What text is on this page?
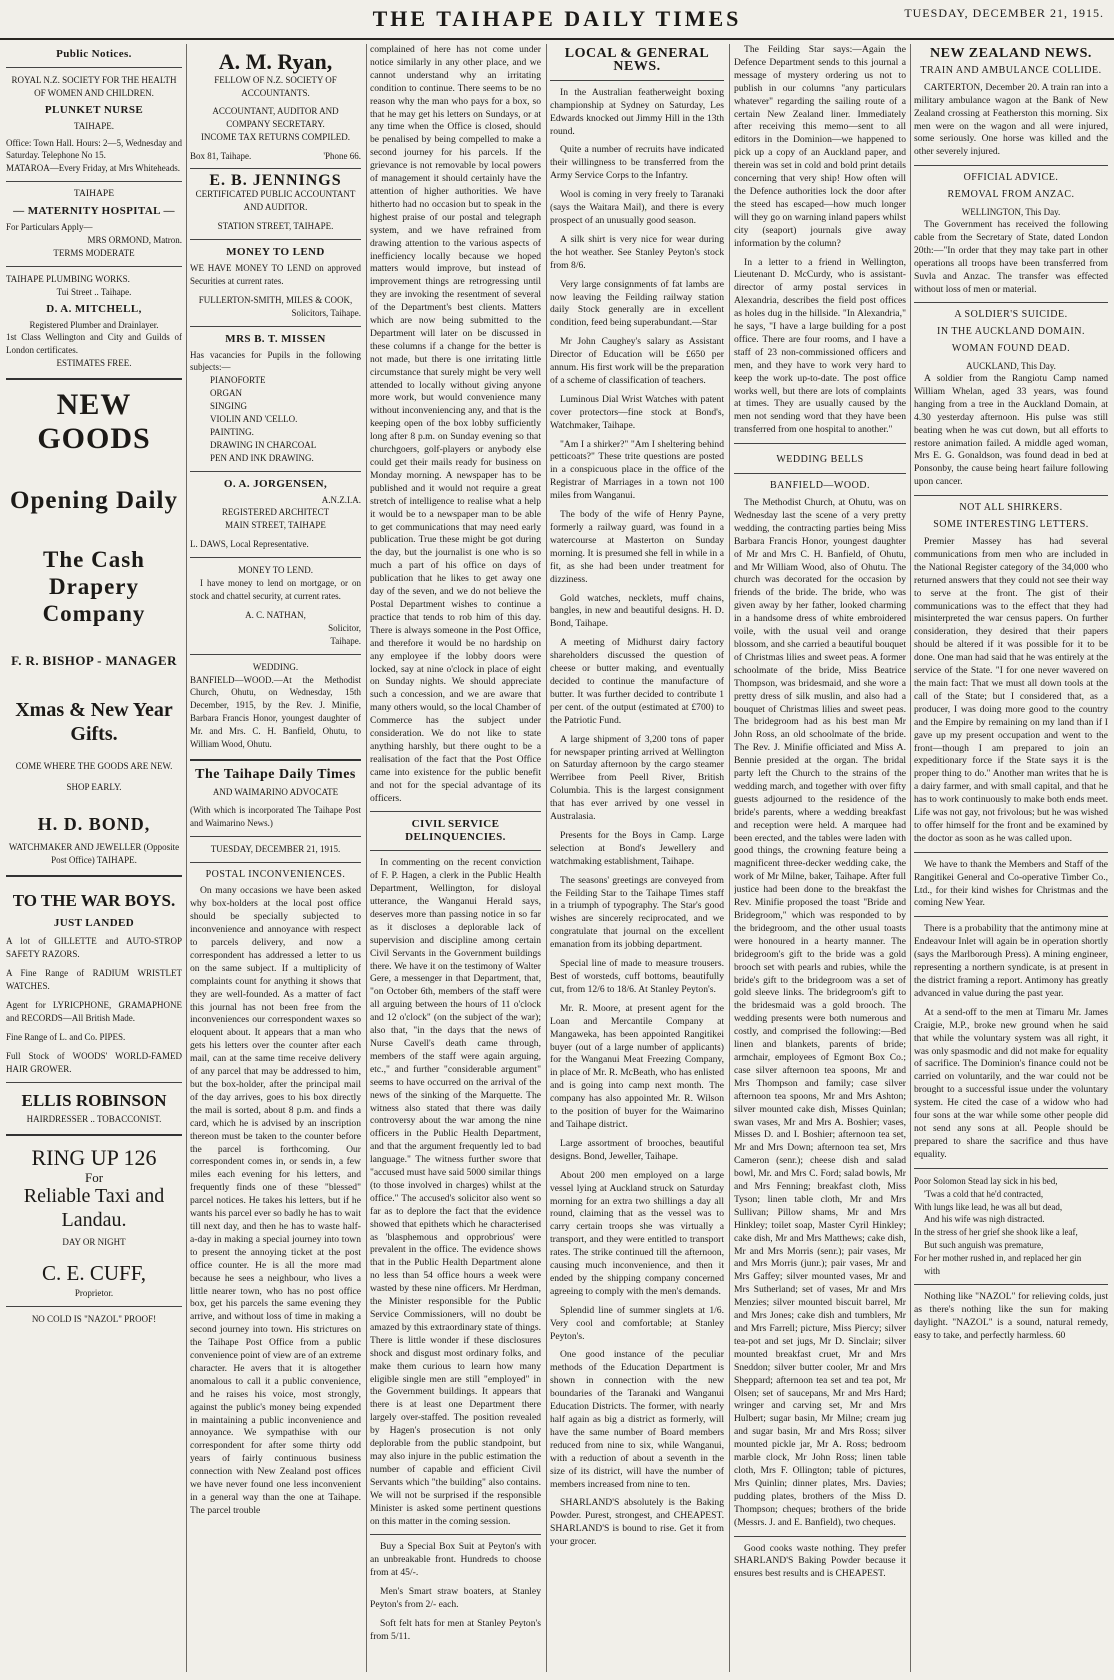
THE TAIHAPE DAILY TIMES	TUESDAY, DECEMBER 21, 1915.
Public Notices.
ROYAL N.Z. SOCIETY FOR THE HEALTH OF WOMEN AND CHILDREN.
PLUNKET NURSE
TAIHAPE.
Office: Town Hall. Hours: 2—5, Wednesday and Saturday. Telephone No 15.
MATAROA—Every Friday, at Mrs Whiteheads.
TAIHAPE
— MATERNITY HOSPITAL —
For Particulars Apply—
MRS ORMOND, Matron.
TERMS MODERATE
TAIHAPE PLUMBING WORKS.
Tui Street .. Taihape.
D. A. MITCHELL,
Registered Plumber and Drainlayer.
1st Class Wellington and City and Guilds of London certificates.
ESTIMATES FREE.
NEW
GOODS
Opening Daily
The Cash Drapery Company
F. R. BISHOP - MANAGER
Xmas & New Year Gifts.
COME WHERE THE GOODS ARE NEW.
SHOP EARLY.
H. D. BOND,
WATCHMAKER AND JEWELLER (Opposite Post Office) TAIHAPE.
TO THE WAR BOYS.
JUST LANDED
A lot of GILLETTE and AUTO-STROP SAFETY RAZORS.
A Fine Range of RADIUM WRISTLET WATCHES.
Agent for LYRICPHONE, GRAMAPHONE and RECORDS—All British Made.
Fine Range of L. and Co. PIPES.
Full Stock of WOODS' WORLD-FAMED HAIR GROWER.
ELLIS ROBINSON
HAIRDRESSER .. TOBACCONIST.
RING UP 126
For
Reliable Taxi and Landau.
DAY OR NIGHT
C. E. CUFF,
Proprietor.
NO COLD IS "NAZOL" PROOF!
A. M. Ryan,
FELLOW OF N.Z. SOCIETY OF ACCOUNTANTS.
ACCOUNTANT, AUDITOR AND COMPANY SECRETARY.
INCOME TAX RETURNS COMPILED.
Box 81, Taihape.	'Phone 66.
E. B. JENNINGS
CERTIFICATED PUBLIC ACCOUNTANT AND AUDITOR.
STATION STREET, TAIHAPE.
MONEY TO LEND
WE HAVE MONEY TO LEND on approved Securities at current rates.
FULLERTON-SMITH, MILES & COOK,
Solicitors, Taihape.
MRS B. T. MISSEN
Has vacancies for Pupils in the following subjects:—
PIANOFORTE
ORGAN
SINGING
VIOLIN AND 'CELLO.
PAINTING.
DRAWING IN CHARCOAL
PEN AND INK DRAWING.
O. A. JORGENSEN,
A.N.Z.I.A.
REGISTERED ARCHITECT
MAIN STREET, TAIHAPE
L. DAWS, Local Representative.
MONEY TO LEND.

I have money to lend on mortgage, or on stock and chattel security, at current rates.

A. C. NATHAN,
Solicitor,
Taihape.
WEDDING.
BANFIELD—WOOD.—At the Methodist Church, Ohutu, on Wednesday, 15th December, 1915, by the Rev. J. Minifie, Barbara Francis Honor, youngest daughter of Mr. and Mrs. C. H. Banfield, Ohutu, to William Wood, Ohutu.
The Taihape Daily Times
AND WAIMARINO ADVOCATE
(With which is incorporated The Taihape Post and Waimarino News.)
TUESDAY, DECEMBER 21, 1915.
POSTAL INCONVENIENCES.

On many occasions we have been asked why box-holders at the local post office should be specially subjected to inconvenience and annoyance with respect to parcels delivery, and now a correspondent has addressed a letter to us on the same subject. If a multiplicity of complaints count for anything it shows that they are well-founded. As a matter of fact this journal has not been free from the inconveniences our correspondent waxes so eloquent about. It appears that a man who gets his letters over the counter after each mail, can at the same time receive delivery of any parcel that may be addressed to him, but the box-holder, after the principal mail of the day arrives, goes to his box directly the mail is sorted, about 8 p.m. and finds a card, which he is advised by an inscription thereon must be taken to the counter before the parcel is forthcoming. Our correspondent comes in, or sends in, a few miles each evening for his letters, and frequently finds one of these "blessed" parcel notices. He takes his letters, but if he wants his parcel ever so badly he has to wait till next day, and then he has to waste half-a-day in making a special journey into town to present the annoying ticket at the post office counter. He is all the more mad because he sees a neighbour, who lives a little nearer town, who has no post office box, get his parcels the same evening they arrive, and without loss of time in making a second journey into town. His strictures on the Taihape Post Office from a public convenience point of view are of an extreme character. He avers that it is altogether anomalous to call it a public convenience, and he raises his voice, most strongly, against the public's money being expended in maintaining a public inconvenience and annoyance. We sympathise with our correspondent for after some thirty odd years of fairly continuous business connection with New Zealand post offices we have never found one less inconvenient in a general way than the one at Taihape. The parcel trouble

complained of here has not come under notice similarly in any other place, and we cannot understand why an irritating condition to continue. There seems to be no reason why the man who pays for a box, so that he may get his letters on Sundays, or at any time when the Office is closed, should be penalised by being compelled to make a second journey for his parcels. If the grievance is not removable by local powers of management it should certainly have the attention of higher authorities. We have hitherto had no occasion but to speak in the highest praise of our postal and telegraph system, and we have refrained from drawing attention to the various aspects of inefficiency locally because we hoped matters would improve, but instead of improvement things are retrogressing until they are invoking the resentment of several of the Department's best clients. Matters which are now being submitted to the Department will later on be discussed in these columns if a change for the better is not made, but there is one irritating little circumstance that surely might be very well attended to locally without giving anyone more work, but would convenience many without inconveniencing any, and that is the keeping open of the box lobby sufficiently long after 8 p.m. on Sunday evening so that churchgoers, golf-players or anybody else could get their mails ready for business on Monday morning. A newspaper has to be published and it would not require a great stretch of intelligence to realise what a help it would be to a newspaper man to be able to get communications that may need early publication. True these might be got during the day, but the journalist is one who is so much a part of his office on days of publication that he likes to get away one day of the seven, and we do not believe the Postal Department wishes to continue a practice that tends to rob him of this day. There is always someone in the Post Office, and therefore it would be no hardship on any employee if the lobby doors were locked, say at nine o'clock in place of eight on Sunday nights. We should appreciate such a concession, and we are aware that many others would, so the local Chamber of Commerce has the subject under consideration. We do not like to state anything harshly, but there ought to be a realisation of the fact that the Post Office came into existence for the public benefit and not for the special advantage of its officers.

CIVIL SERVICE DELINQUENCIES.

In commenting on the recent conviction of F. P. Hagen, a clerk in the Public Health Department, Wellington, for disloyal utterance, the Wanganui Herald says, deserves more than passing notice in so far as it discloses a deplorable lack of supervision and discipline among certain Civil Servants in the Government buildings there. We have it on the testimony of Walter Gere, a messenger in that Department, that, "on October 6th, members of the staff were all arguing between the hours of 11 o'clock and 12 o'clock" (on the subject of the war); also that, "in the days that the news of Nurse Cavell's death came through, members of the staff were again arguing, etc.," and further "considerable argument" seems to have occurred on the arrival of the news of the sinking of the Marquette. The witness also stated that there was daily controversy about the war among the nine officers in the Public Health Department, and that the argument frequently led to bad language." The witness further swore that "accused must have said 5000 similar things (to those involved in charges) whilst at the office." The accused's solicitor also went so far as to deplore the fact that the evidence showed that epithets which he characterised as 'blasphemous and opprobrious' were prevalent in the office. The evidence shows that in the Public Health Department alone no less than 54 office hours a week were wasted by these nine officers. Mr Herdman, the Minister responsible for the Public Service Commissioners, will no doubt be amazed by this extraordinary state of things. There is little wonder if these disclosures shock and disgust most ordinary folks, and make them curious to learn how many eligible single men are still "employed" in the Government buildings. It appears that there is at least one Department there largely over-staffed. The position revealed by Hagen's prosecution is not only deplorable from the public standpoint, but may also injure in the public estimation the number of capable and efficient Civil Servants which "the building" also contains. We will not be surprised if the responsible Minister is asked some pertinent questions on this matter in the coming session.

Buy a Special Box Suit at Peyton's with an unbreakable front. Hundreds to choose from at 45/-.

Men's Smart straw boaters, at Stanley Peyton's from 2/- each.

Soft felt hats for men at Stanley Peyton's from 5/11.

LOCAL & GENERAL NEWS.

In the Australian featherweight boxing championship at Sydney on Saturday, Les Edwards knocked out Jimmy Hill in the 13th round.

Quite a number of recruits have indicated their willingness to be transferred from the Army Service Corps to the Infantry.

Wool is coming in very freely to Taranaki (says the Waitara Mail), and there is every prospect of an unusually good season.

A silk shirt is very nice for wear during the hot weather. See Stanley Peyton's stock from 8/6.

Very large consignments of fat lambs are now leaving the Feilding railway station daily Stock generally are in excellent condition, feed being superabundant.—Star

Mr John Caughey's salary as Assistant Director of Education will be £650 per annum. His first work will be the preparation of a scheme of classification of teachers.

Luminous Dial Wrist Watches with patent cover protectors—fine stock at Bond's, Watchmaker, Taihape.

"Am I a shirker?" "Am I sheltering behind petticoats?" These trite questions are posted in a conspicuous place in the office of the Registrar of Marriages in a town not 100 miles from Wanganui.

The body of the wife of Henry Payne, formerly a railway guard, was found in a watercourse at Masterton on Sunday morning. It is presumed she fell in while in a fit, as she had been under treatment for dizziness.

Gold watches, necklets, muff chains, bangles, in new and beautiful designs. H. D. Bond, Taihape.

A meeting of Midhurst dairy factory shareholders discussed the question of cheese or butter making, and eventually decided to continue the manufacture of butter. It was further decided to contribute 1 per cent. of the output (estimated at £700) to the Patriotic Fund.

A large shipment of 3,200 tons of paper for newspaper printing arrived at Wellington on Saturday afternoon by the cargo steamer Werribee from Peell River, British Columbia. This is the largest consignment that has ever arrived by one vessel in Australasia.

Presents for the Boys in Camp. Large selection at Bond's Jewellery and watchmaking establishment, Taihape.

The seasons' greetings are conveyed from the Feilding Star to the Taihape Times staff in a triumph of typography. The Star's good wishes are sincerely reciprocated, and we congratulate that journal on the excellent emanation from its jobbing department.

Special line of made to measure trousers. Best of worsteds, cuff bottoms, beautifully cut, from 12/6 to 18/6. At Stanley Peyton's.

Mr. R. Moore, at present agent for the Loan and Mercantile Company at Mangaweka, has been appointed Rangitikei buyer (out of a large number of applicants) for the Wanganui Meat Freezing Company, in place of Mr. R. McBeath, who has enlisted and is going into camp next month. The company has also appointed Mr. R. Wilson to the position of buyer for the Waimarino and Taihape district.

Large assortment of brooches, beautiful designs. Bond, Jeweller, Taihape.

About 200 men employed on a large vessel lying at Auckland struck on Saturday morning for an extra two shillings a day all round, claiming that as the vessel was to carry certain troops she was virtually a transport, and they were entitled to transport rates. The strike continued till the afternoon, causing much inconvenience, and then it ended by the shipping company concerned agreeing to comply with the men's demands.

Splendid line of summer singlets at 1/6. Very cool and comfortable; at Stanley Peyton's.

One good instance of the peculiar methods of the Education Department is shown in connection with the new boundaries of the Taranaki and Wanganui Education Districts. The former, with nearly half again as big a district as formerly, will have the same number of Board members reduced from nine to six, while Wanganui, with a reduction of about a seventh in the size of its district, will have the number of members increased from nine to ten.

SHARLAND'S absolutely is the Baking Powder. Purest, strongest, and CHEAPEST. SHARLAND'S is bound to rise. Get it from your grocer.

The Feilding Star says:—Again the Defence Department sends to this journal a message of mystery ordering us not to publish in our columns "any particulars whatever" regarding the sailing route of a certain New Zealand liner. Immediately after receiving this memo—sent to all editors in the Dominion—we happened to pick up a copy of an Auckland paper, and therein was set in cold and bold print details concerning that very ship! How often will the Defence authorities lock the door after the steed has escaped—how much longer will they go on warning inland papers whilst city (seaport) journals give away information by the column?

In a letter to a friend in Wellington, Lieutenant D. McCurdy, who is assistant-director of army postal services in Alexandria, describes the field post offices as holes dug in the hillside. "In Alexandria," he says, "I have a large building for a post office. There are four rooms, and I have a staff of 23 non-commissioned officers and men, and they have to work very hard to keep the work up-to-date. The post office works well, but there are lots of complaints at times. They are usually caused by the men not sending word that they have been transferred from one hospital to another."

WEDDING BELLS
BANFIELD—WOOD.

The Methodist Church, at Ohutu, was on Wednesday last the scene of a very pretty wedding, the contracting parties being Miss Barbara Francis Honor, youngest daughter of Mr and Mrs C. H. Banfield, of Ohutu, and Mr William Wood, also of Ohutu. The church was decorated for the occasion by friends of the bride. The bride, who was given away by her father, looked charming in a handsome dress of white embroidered voile, with the usual veil and orange blossom, and she carried a beautiful bouquet of Christmas lilies and sweet peas. A former schoolmate of the bride, Miss Beatrice Thompson, was bridesmaid, and she wore a pretty dress of silk muslin, and also had a bouquet of Christmas lilies and sweet peas. The bridegroom had as his best man Mr John Ross, an old schoolmate of the bride. The Rev. J. Minifie officiated and Miss A. Bennie presided at the organ. The bridal party left the Church to the strains of the wedding march, and together with over fifty guests adjourned to the residence of the bride's parents, where a wedding breakfast and reception were held. A marquee had been erected, and the tables were laden with good things, the crowning feature being a magnificent three-decker wedding cake, the work of Mr Milne, baker, Taihape. After full justice had been done to the breakfast the Rev. Minifie proposed the toast "Bride and Bridegroom," which was responded to by the bridegroom, and the other usual toasts were honoured in a hearty manner. The bridegroom's gift to the bride was a gold brooch set with pearls and rubies, while the bride's gift to the bridegroom was a set of gold sleeve links. The bridegroom's gift to the bridesmaid was a gold brooch. The wedding presents were both numerous and costly, and comprised the following:—Bed linen and blankets, parents of bride; armchair, employees of Egmont Box Co.; case silver afternoon tea spoons, Mr and Mrs Thompson and family; case silver afternoon tea spoons, Mr and Mrs Ashton; silver mounted cake dish, Misses Quinlan; swan vases, Mr and Mrs A. Boshier; vases, Misses D. and I. Boshier; afternoon tea set, Mr and Mrs Down; afternoon tea set, Mrs Cameron (senr.); cheese dish and salad bowl, Mr. and Mrs C. Ford; salad bowls, Mr and Mrs Fenning; breakfast cloth, Miss Tyson; linen table cloth, Mr and Mrs Sullivan; Pillow shams, Mr and Mrs Hinkley; toilet soap, Master Cyril Hinkley; cake dish, Mr and Mrs Matthews; cake dish, Mr and Mrs Morris (senr.); pair vases, Mr and Mrs Morris (junr.); pair vases, Mr and Mrs Gaffey; silver mounted vases, Mr and Mrs Sutherland; set of vases, Mr and Mrs Menzies; silver mounted biscuit barrel, Mr and Mrs Jones; cake dish and tumblers, Mr and Mrs Farrell; picture, Miss Piercy; silver tea-pot and set jugs, Mr D. Sinclair; silver mounted breakfast cruet, Mr and Mrs Sneddon; silver butter cooler, Mr and Mrs Sheppard; afternoon tea set and tea pot, Mr Olsen; set of saucepans, Mr and Mrs Hard; wringer and carving set, Mr and Mrs Hulbert; sugar basin, Mr Milne; cream jug and sugar basin, Mr and Mrs Ross; silver mounted pickle jar, Mr A. Ross; bedroom marble clock, Mr John Ross; linen table cloth, Mrs F. Ollington; table of pictures, Mrs Quinlin; dinner plates, Mrs. Davies; pudding plates, brothers of the Miss D. Thompson; cheques; brothers of the bride (Messrs. J. and E. Banfield), two cheques.

Good cooks waste nothing. They prefer SHARLAND'S Baking Powder because it ensures best results and is CHEAPEST.

NEW ZEALAND NEWS.
TRAIN AND AMBULANCE COLLIDE.

CARTERTON, December 20. A train ran into a military ambulance wagon at the Bank of New Zealand crossing at Featherston this morning. Six men were on the wagon and all were injured, some seriously. One horse was killed and the other severely injured.

OFFICIAL ADVICE.
REMOVAL FROM ANZAC.
WELLINGTON, This Day.

The Government has received the following cable from the Secretary of State, dated London 20th:—"In order that they may take part in other operations all troops have been transferred from Suvla and Anzac. The transfer was effected without loss of men or material.

A SOLDIER'S SUICIDE.
IN THE AUCKLAND DOMAIN.
WOMAN FOUND DEAD.
AUCKLAND, This Day.

A soldier from the Rangiotu Camp named William Whelan, aged 33 years, was found hanging from a tree in the Auckland Domain, at 4.30 yesterday afternoon. His pulse was still beating when he was cut down, but all efforts to restore animation failed. A middle aged woman, Mrs E. G. Gonaldson, was found dead in bed at Ponsonby, the cause being heart failure following upon cancer.

NOT ALL SHIRKERS.
SOME INTERESTING LETTERS.

Premier Massey has had several communications from men who are included in the National Register category of the 34,000 who returned answers that they could not see their way to serve at the front. The gist of their communications was to the effect that they had misinterpreted the war census papers. On further consideration, they desired that their papers should be altered if it was possible for it to be done. One man had said that he was entirely at the service of the State. "I for one never wavered on the main fact: That we must all down tools at the call of the State; but I considered that, as a producer, I was doing more good to the country and the Empire by remaining on my land than if I gave up my present occupation and went to the front—though I am prepared to join an expeditionary force if the State says it is the proper thing to do." Another man writes that he is a dairy farmer, and with small capital, and that he has to work continuously to make both ends meet. Life was not gay, not frivolous; but he was wished to offer himself for the front and be examined by the doctor as soon as he was called upon.

We have to thank the Members and Staff of the Rangitikei General and Co-operative Timber Co., Ltd., for their kind wishes for Christmas and the coming New Year.

There is a probability that the antimony mine at Endeavour Inlet will again be in operation shortly (says the Marlborough Press). A mining engineer, representing a northern syndicate, is at present in the district framing a report. Antimony has greatly advanced in value during the past year.

At a send-off to the men at Timaru Mr. James Craigie, M.P., broke new ground when he said that while the voluntary system was all right, it was only spasmodic and did not make for equality of sacrifice. The Dominion's finance could not be carried on voluntarily, and the war could not be brought to a successful issue under the voluntary system. He cited the case of a widow who had four sons at the war while some other people did not send any sons at all. People should be prepared to share the sacrifice and thus have equality.

Poor Solomon Stead lay sick in his bed,
'Twas a cold that he'd contracted,
With lungs like lead, he was all but dead,
And his wife was nigh distracted.
In the stress of her grief she shook like a leaf,
But such anguish was premature,
For her mother rushed in, and replaced her gin
with

Nothing like "NAZOL" for relieving colds, just as there's nothing like the sun for making daylight. "NAZOL" is a sound, natural remedy, easy to take, and perfectly harmless. 60
